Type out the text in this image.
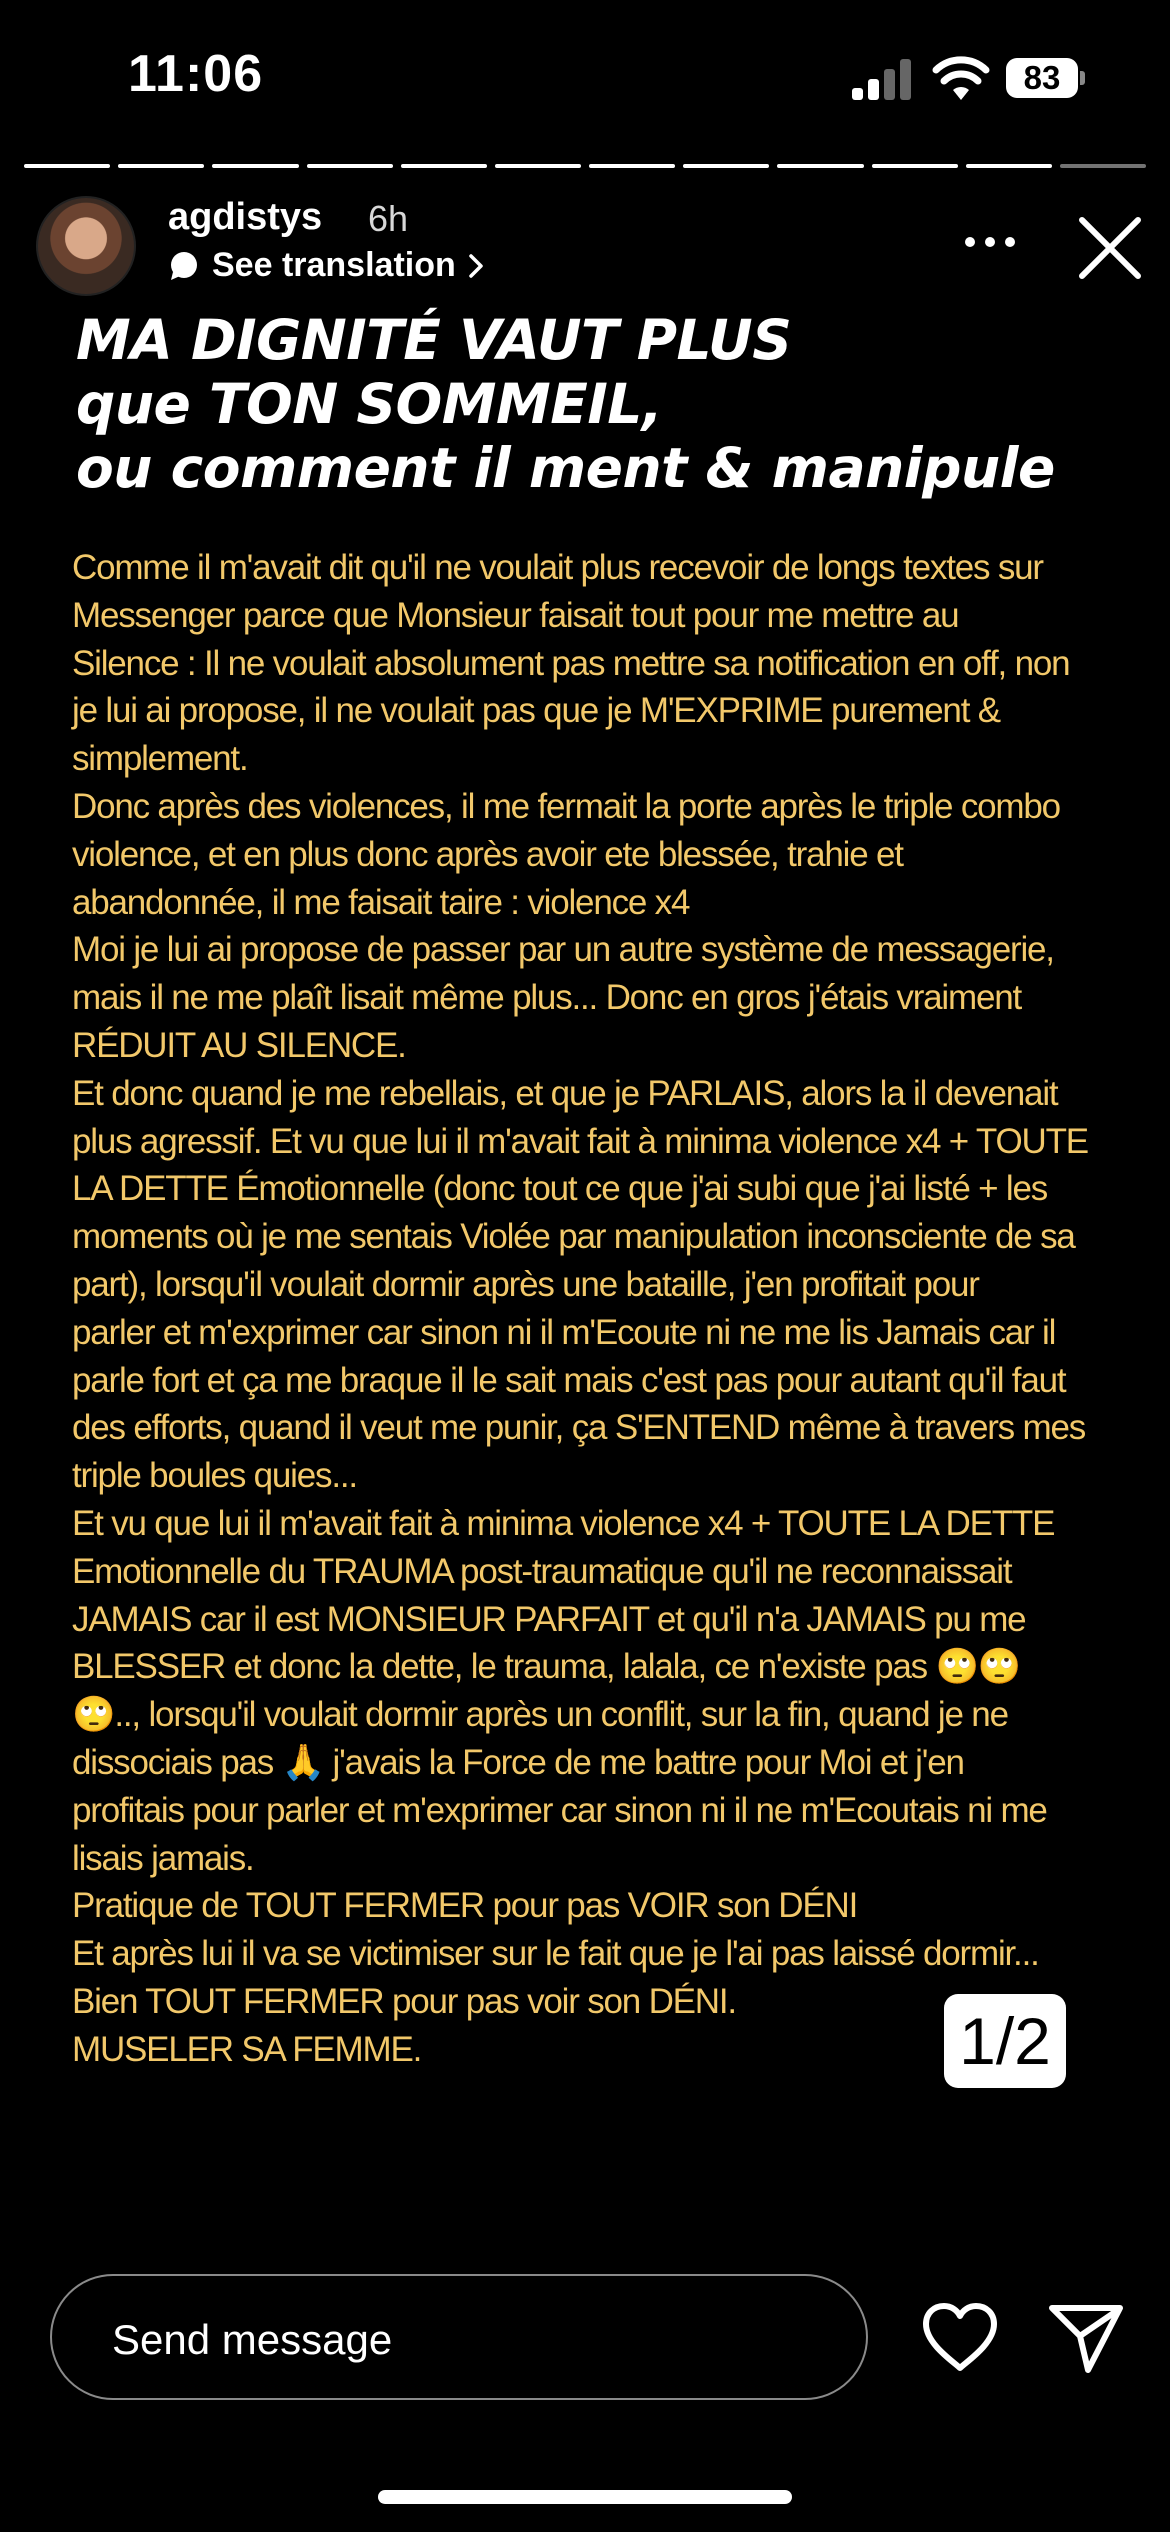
11:06	83
agdistys 6h
See translation
MA DIGNITÉ VAUT PLUS
que TON SOMMEIL,
ou comment il ment & manipule
Comme il m'avait dit qu'il ne voulait plus recevoir de longs textes sur
Messenger parce que Monsieur faisait tout pour me mettre au
Silence : Il ne voulait absolument pas mettre sa notification en off, non
je lui ai propose, il ne voulait pas que je M'EXPRIME purement &
simplement.
Donc après des violences, il me fermait la porte après le triple combo
violence, et en plus donc après avoir ete blessée, trahie et
abandonnée, il me faisait taire : violence x4
Moi je lui ai propose de passer par un autre système de messagerie,
mais il ne me plaît lisait même plus... Donc en gros j'étais vraiment
RÉDUIT AU SILENCE.
Et donc quand je me rebellais, et que je PARLAIS, alors la il devenait
plus agressif. Et vu que lui il m'avait fait à minima violence x4 + TOUTE
LA DETTE Émotionnelle (donc tout ce que j'ai subi que j'ai listé + les
moments où je me sentais Violée par manipulation inconsciente de sa
part), lorsqu'il voulait dormir après une bataille, j'en profitait pour
parler et m'exprimer car sinon ni il m'Ecoute ni ne me lis Jamais car il
parle fort et ça me braque il le sait mais c'est pas pour autant qu'il faut
des efforts, quand il veut me punir, ça S'ENTEND même à travers mes
triple boules quies...
Et vu que lui il m'avait fait à minima violence x4 + TOUTE LA DETTE
Emotionnelle du TRAUMA post-traumatique qu'il ne reconnaissait
JAMAIS car il est MONSIEUR PARFAIT et qu'il n'a JAMAIS pu me
BLESSER et donc la dette, le trauma, lalala, ce n'existe pas 🙄🙄
🙄.., lorsqu'il voulait dormir après un conflit, sur la fin, quand je ne
dissociais pas 🙏 j'avais la Force de me battre pour Moi et j'en
profitais pour parler et m'exprimer car sinon ni il ne m'Ecoutais ni me
lisais jamais.
Pratique de TOUT FERMER pour pas VOIR son DÉNI
Et après lui il va se victimiser sur le fait que je l'ai pas laissé dormir...
Bien TOUT FERMER pour pas voir son DÉNI.
MUSELER SA FEMME.	1/2
Send message
